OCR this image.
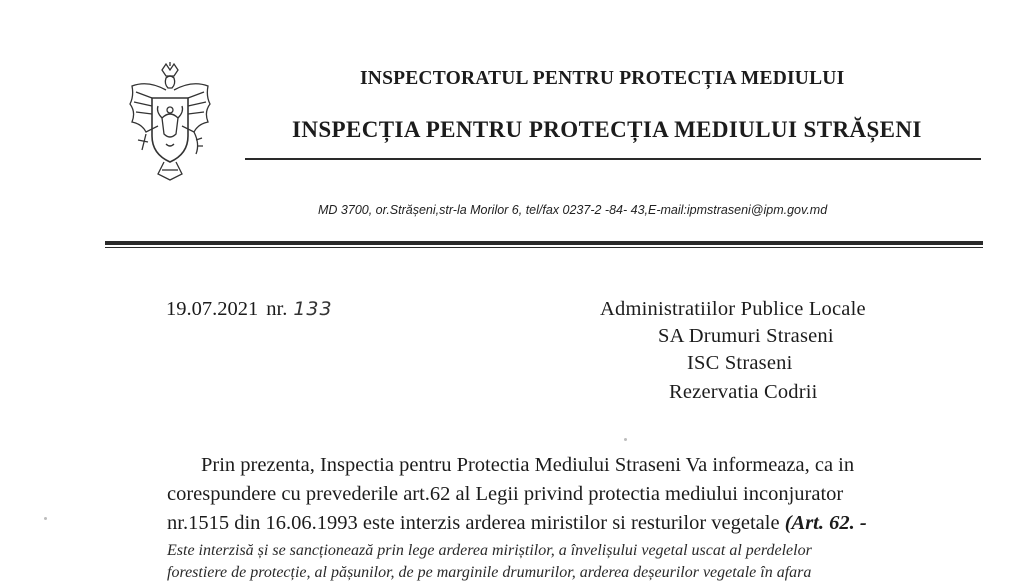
INSPECTORATUL PENTRU PROTECȚIA MEDIULUI
INSPECȚIA PENTRU PROTECȚIA MEDIULUI STRĂȘENI
MD 3700, or.Strășeni,str-la Morilor 6, tel/fax 0237-2 -84- 43,E-mail:ipmstraseni@ipm.gov.md
19.07.2021 nr. 133	Administratiilor Publice Locale
SA Drumuri Straseni
ISC Straseni
Rezervatia Codrii
Prin prezenta, Inspectia pentru Protectia Mediului Straseni Va informeaza, ca in
corespundere cu prevederile art.62 al Legii privind protectia mediului inconjurator
nr.1515 din 16.06.1993 este interzis arderea miristilor si resturilor vegetale (Art. 62. -
Este interzisă și se sancționează prin lege arderea miriștilor, a învelișului vegetal uscat al perdelelor
forestiere de protecție, al pășunilor, de pe marginile drumurilor, arderea deșeurilor vegetale în afara
